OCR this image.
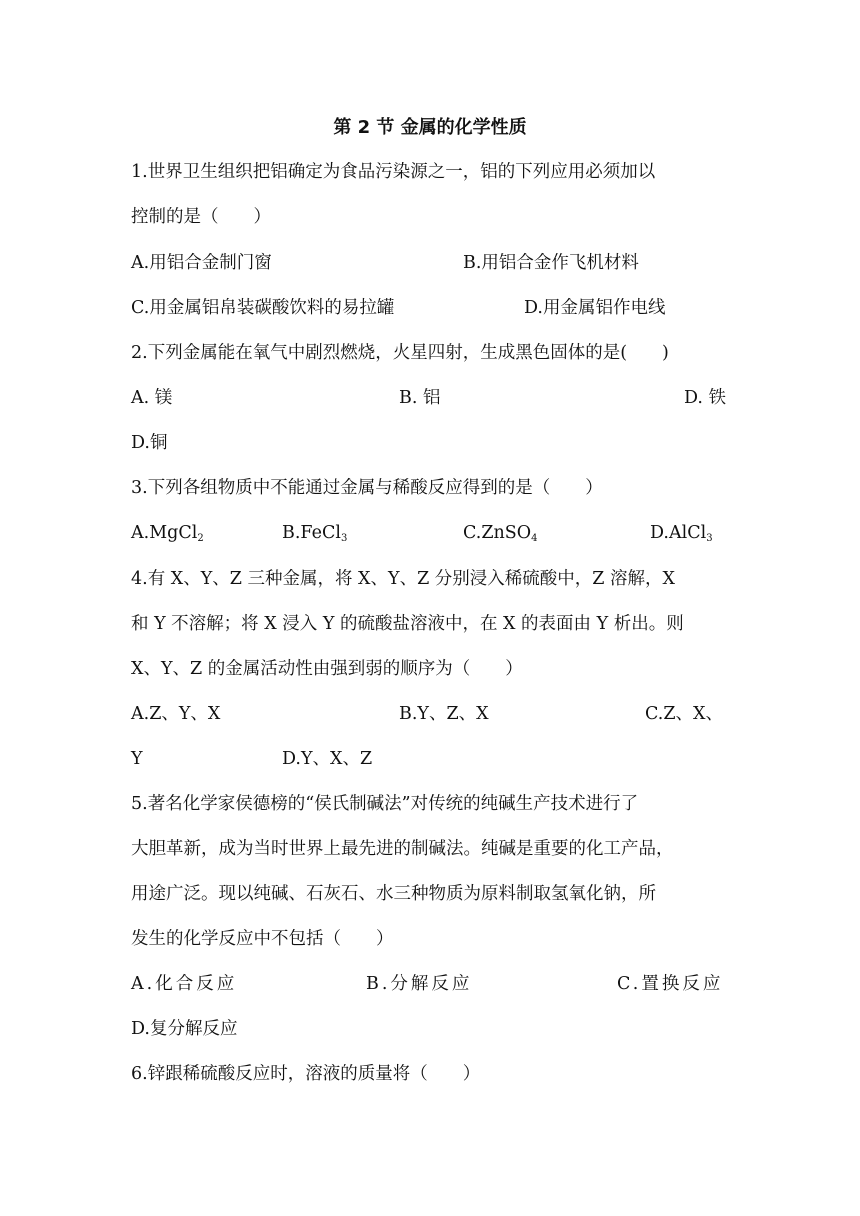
第 2 节 金属的化学性质
1.世界卫生组织把铝确定为食品污染源之一，铝的下列应用必须加以
控制的是（　　）
A.用铝合金制门窗	B.用铝合金作飞机材料
C.用金属铝帛装碳酸饮料的易拉罐	D.用金属铝作电线
2.下列金属能在氧气中剧烈燃烧，火星四射，生成黑色固体的是(　　)
A. 镁	B. 铝	D. 铁
D.铜
3.下列各组物质中不能通过金属与稀酸反应得到的是（　　）
A.MgCl$_2$	B.FeCl$_3$	C.ZnSO$_4$	D.AlCl$_3$
4.有 X、Y、Z 三种金属，将 X、Y、Z 分别浸入稀硫酸中，Z 溶解，X
和 Y 不溶解；将 X 浸入 Y 的硫酸盐溶液中，在 X 的表面由 Y 析出。则
X、Y、Z 的金属活动性由强到弱的顺序为（　　）
A.Z、Y、X	B.Y、Z、X	C.Z、X、
Y	D.Y、X、Z
5.著名化学家侯德榜的“侯氏制碱法”对传统的纯碱生产技术进行了
大胆革新，成为当时世界上最先进的制碱法。纯碱是重要的化工产品，
用途广泛。现以纯碱、石灰石、水三种物质为原料制取氢氧化钠，所
发生的化学反应中不包括（　　）
A.化合反应	B.分解反应	C.置换反应
D.复分解反应
6.锌跟稀硫酸反应时，溶液的质量将（　　）
